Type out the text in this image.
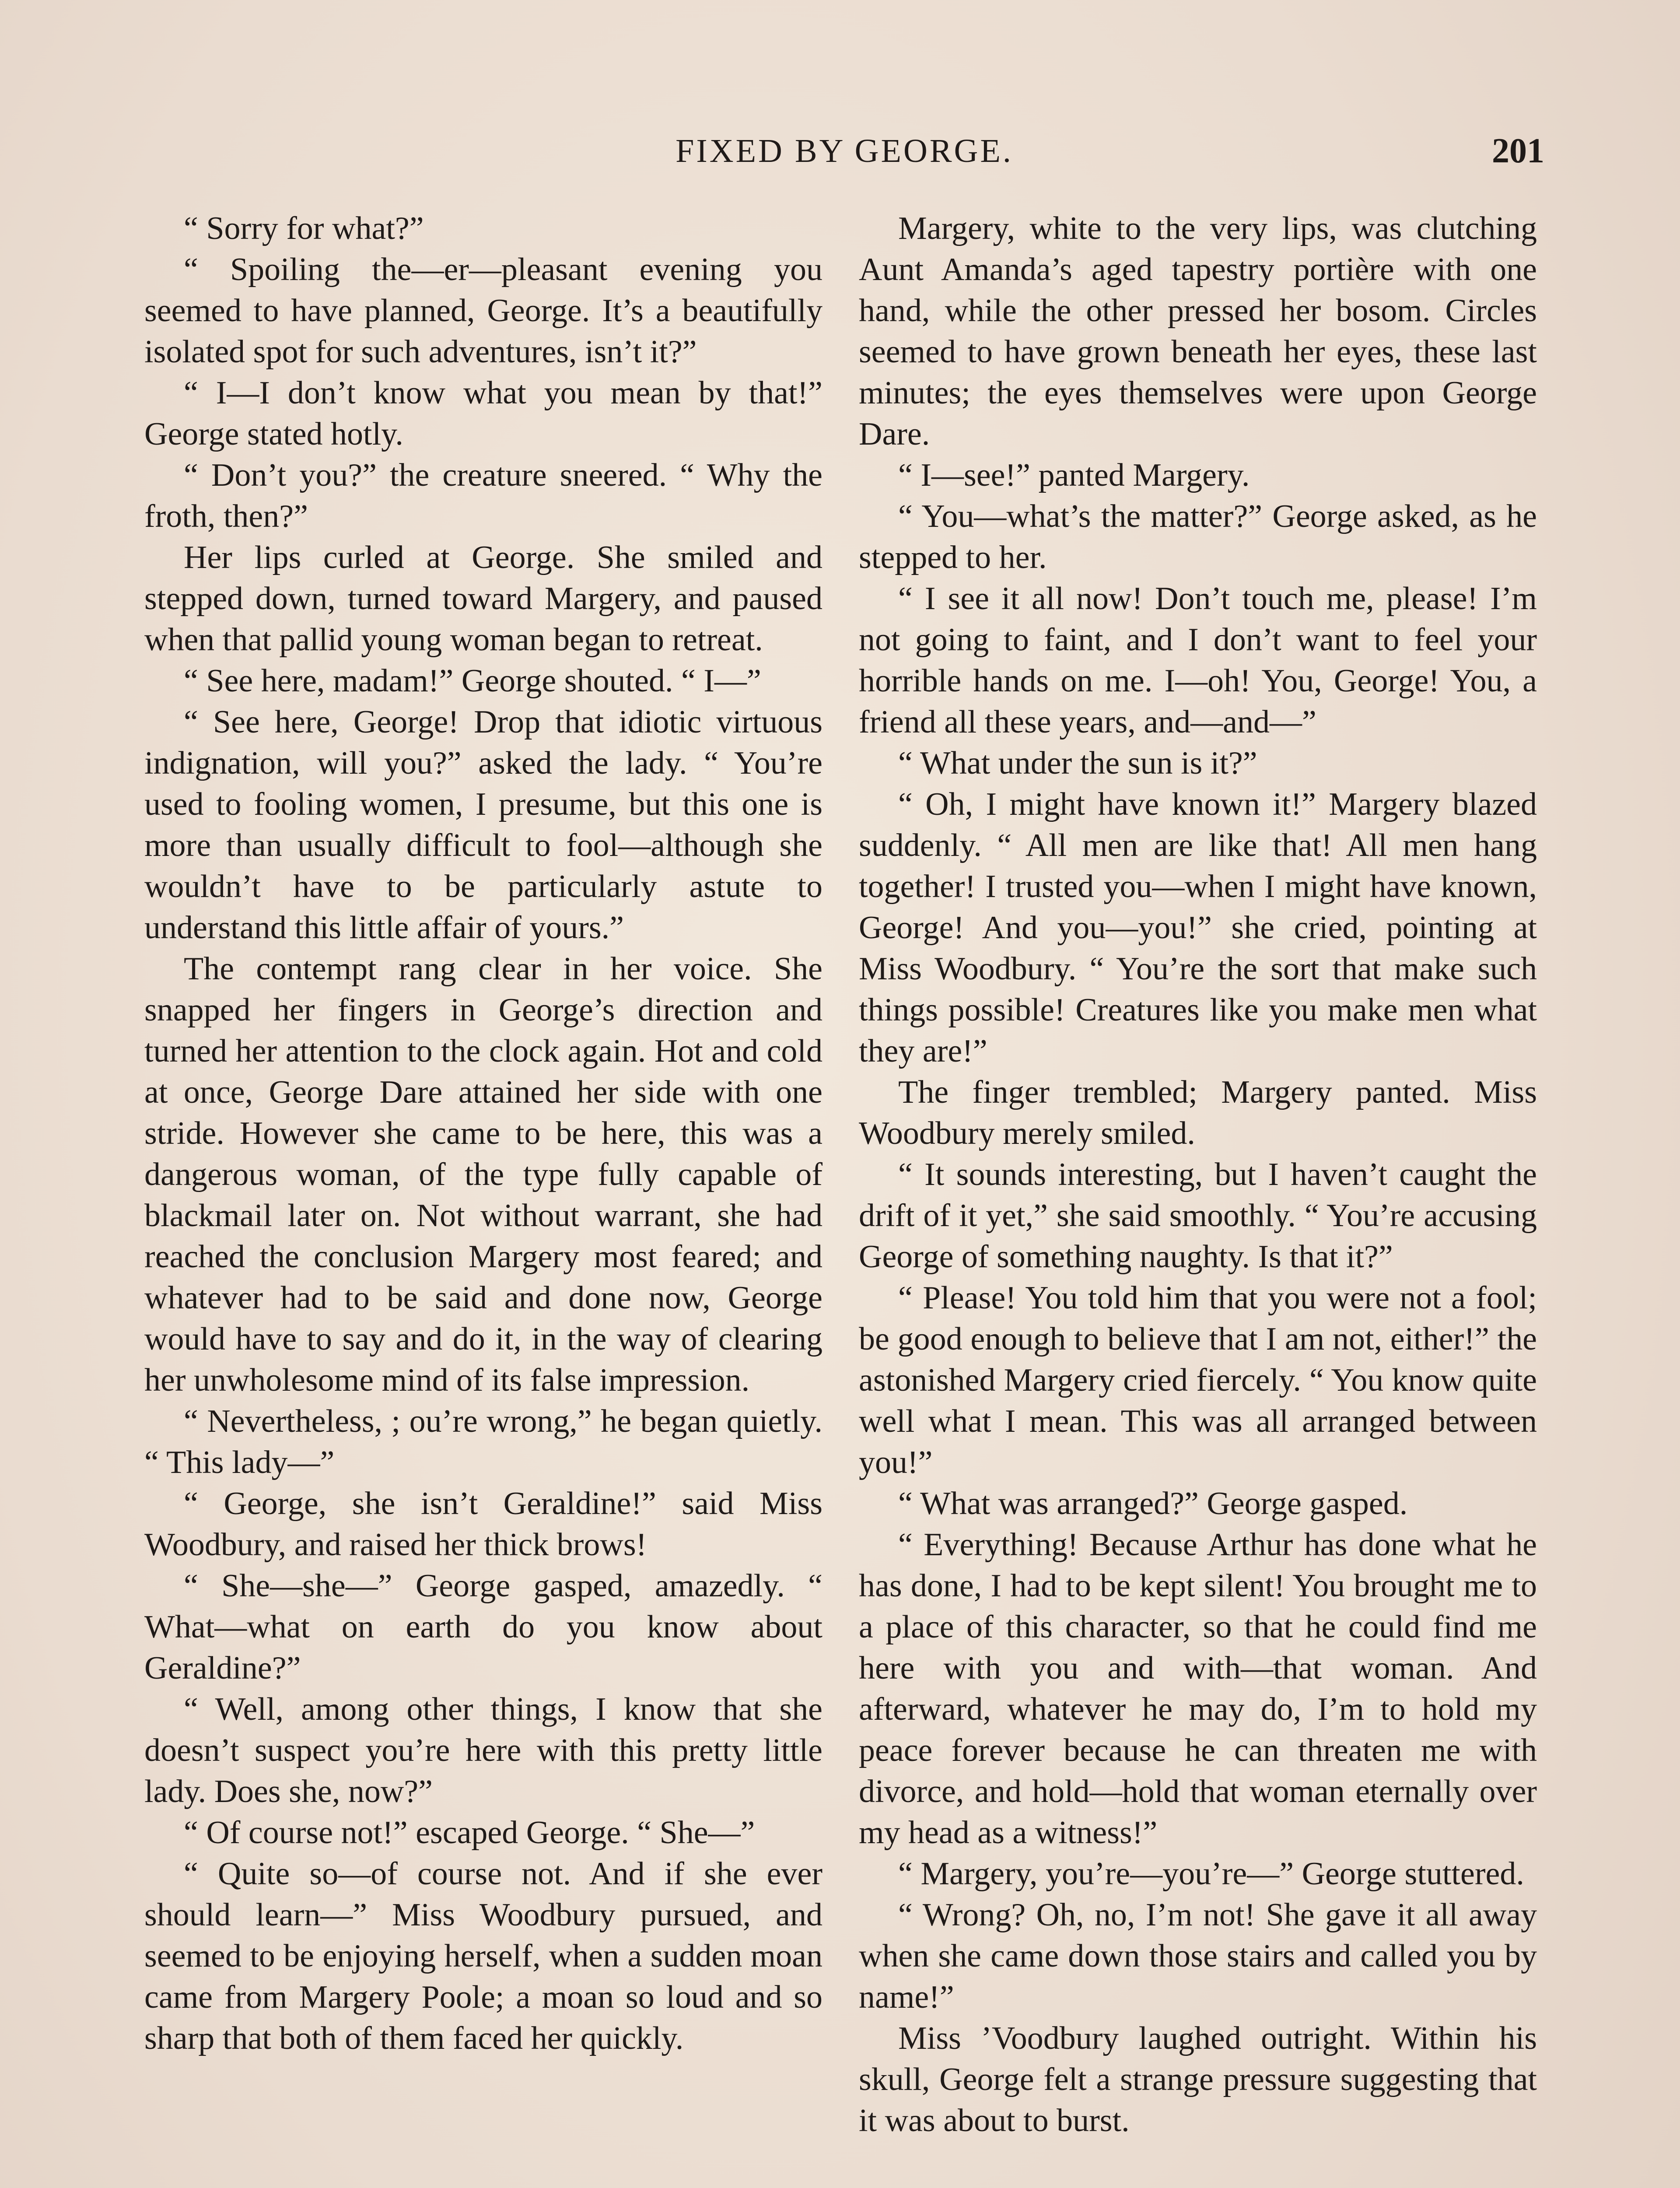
FIXED BY GEORGE.	201

“ Sorry for what?”

“ Spoiling the—er—pleasant evening you seemed to have planned, George. It’s a beautifully isolated spot for such adventures, isn’t it?”

“ I—I don’t know what you mean by that!” George stated hotly.

“ Don’t you?” the creature sneered. “ Why the froth, then?”

Her lips curled at George. She smiled and stepped down, turned toward Margery, and paused when that pallid young woman began to retreat.

“ See here, madam!” George shouted. “ I—”

“ See here, George! Drop that idiotic virtuous indignation, will you?” asked the lady. “ You’re used to fooling women, I presume, but this one is more than usually difficult to fool—although she wouldn’t have to be particularly astute to understand this little affair of yours.”

The contempt rang clear in her voice. She snapped her fingers in George’s direction and turned her attention to the clock again. Hot and cold at once, George Dare attained her side with one stride. However she came to be here, this was a dangerous woman, of the type fully capable of blackmail later on. Not without warrant, she had reached the conclusion Margery most feared; and whatever had to be said and done now, George would have to say and do it, in the way of clearing her unwholesome mind of its false impression.

“ Nevertheless, ; ou’re wrong,” he began quietly. “ This lady—”

“ George, she isn’t Geraldine!” said Miss Woodbury, and raised her thick brows!

“ She—she—” George gasped, amazedly. “ What—what on earth do you know about Geraldine?”

“ Well, among other things, I know that she doesn’t suspect you’re here with this pretty little lady. Does she, now?”

“ Of course not!” escaped George. “ She—”

“ Quite so—of course not. And if she ever should learn—” Miss Woodbury pursued, and seemed to be enjoying herself, when a sudden moan came from Margery Poole; a moan so loud and so sharp that both of them faced her quickly.

Margery, white to the very lips, was clutching Aunt Amanda’s aged tapestry portière with one hand, while the other pressed her bosom. Circles seemed to have grown beneath her eyes, these last minutes; the eyes themselves were upon George Dare.

“ I—see!” panted Margery.

“ You—what’s the matter?” George asked, as he stepped to her.

“ I see it all now! Don’t touch me, please! I’m not going to faint, and I don’t want to feel your horrible hands on me. I—oh! You, George! You, a friend all these years, and—and—”

“ What under the sun is it?”

“ Oh, I might have known it!” Margery blazed suddenly. “ All men are like that! All men hang together! I trusted you—when I might have known, George! And you—you!” she cried, pointing at Miss Woodbury. “ You’re the sort that make such things possible! Creatures like you make men what they are!”

The finger trembled; Margery panted. Miss Woodbury merely smiled.

“ It sounds interesting, but I haven’t caught the drift of it yet,” she said smoothly. “ You’re accusing George of something naughty. Is that it?”

“ Please! You told him that you were not a fool; be good enough to believe that I am not, either!” the astonished Margery cried fiercely. “ You know quite well what I mean. This was all arranged between you!”

“ What was arranged?” George gasped.

“ Everything! Because Arthur has done what he has done, I had to be kept silent! You brought me to a place of this character, so that he could find me here with you and with—that woman. And afterward, whatever he may do, I’m to hold my peace forever because he can threaten me with divorce, and hold—hold that woman eternally over my head as a witness!”

“ Margery, you’re—you’re—” George stuttered.

“ Wrong? Oh, no, I’m not! She gave it all away when she came down those stairs and called you by name!”

Miss ’Voodbury laughed outright. Within his skull, George felt a strange pressure suggesting that it was about to burst.
